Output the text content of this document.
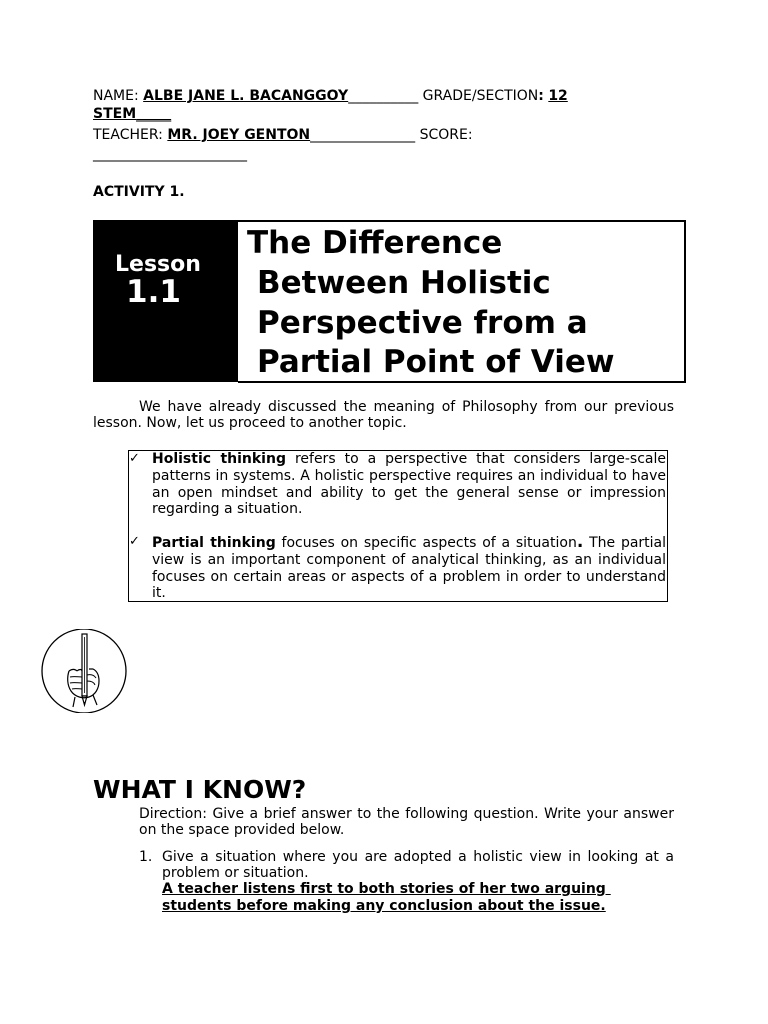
NAME: ALBE JANE L. BACANGGOY__________ GRADE/SECTION: 12
STEM_____
TEACHER: MR. JOEY GENTON_______________ SCORE:
______________________
ACTIVITY 1.
Lesson
1.1
The Difference
Between Holistic
Perspective from a
Partial Point of View
We have already discussed the meaning of Philosophy from our previous lesson. Now, let us proceed to another topic.
✓ Holistic thinking refers to a perspective that considers large-scale patterns in systems. A holistic perspective requires an individual to have an open mindset and ability to get the general sense or impression regarding a situation.
✓ Partial thinking focuses on specific aspects of a situation. The partial view is an important component of analytical thinking, as an individual focuses on certain areas or aspects of a problem in order to understand it.
WHAT I KNOW?
Direction: Give a brief answer to the following question. Write your answer on the space provided below.
1. Give a situation where you are adopted a holistic view in looking at a problem or situation.
A teacher listens first to both stories of her two arguing
students before making any conclusion about the issue.
